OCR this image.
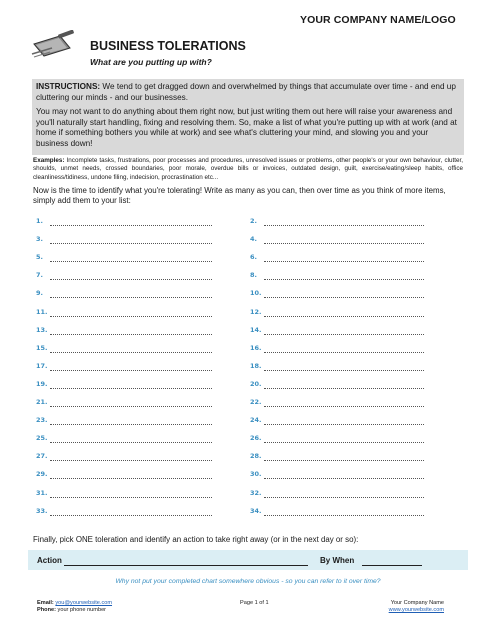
YOUR COMPANY NAME/LOGO
BUSINESS TOLERATIONS
What are you putting up with?

INSTRUCTIONS: We tend to get dragged down and overwhelmed by things that accumulate over time - and end up cluttering our minds - and our businesses.

You may not want to do anything about them right now, but just writing them out here will raise your awareness and you'll naturally start handling, fixing and resolving them. So, make a list of what you're putting up with at work (and at home if something bothers you while at work) and see what's cluttering your mind, and slowing you and your business down!

Examples: Incomplete tasks, frustrations, poor processes and procedures, unresolved issues or problems, other people's or your own behaviour, clutter, shoulds, unmet needs, crossed boundaries, poor morale, overdue bills or invoices, outdated design, guilt, exercise/eating/sleep habits, office cleanliness/tidiness, undone filing, indecision, procrastination etc...
Now is the time to identify what you're tolerating! Write as many as you can, then over time as you think of more items, simply add them to your list:
1.
3.
5.
7.
9.
11.
13.
15.
17.
19.
21.
23.
25.
27.
29.
31.
33.
2.
4.
6.
8.
10.
12.
14.
16.
18.
20.
22.
24.
26.
28.
30.
32.
34.
Finally, pick ONE toleration and identify an action to take right away (or in the next day or so):
Action	By When
Why not put your completed chart somewhere obvious - so you can refer to it over time?
Email: you@yourwebsite.com
Phone: your phone number
Page 1 of 1	Your Company Name
www.yourwebsite.com
